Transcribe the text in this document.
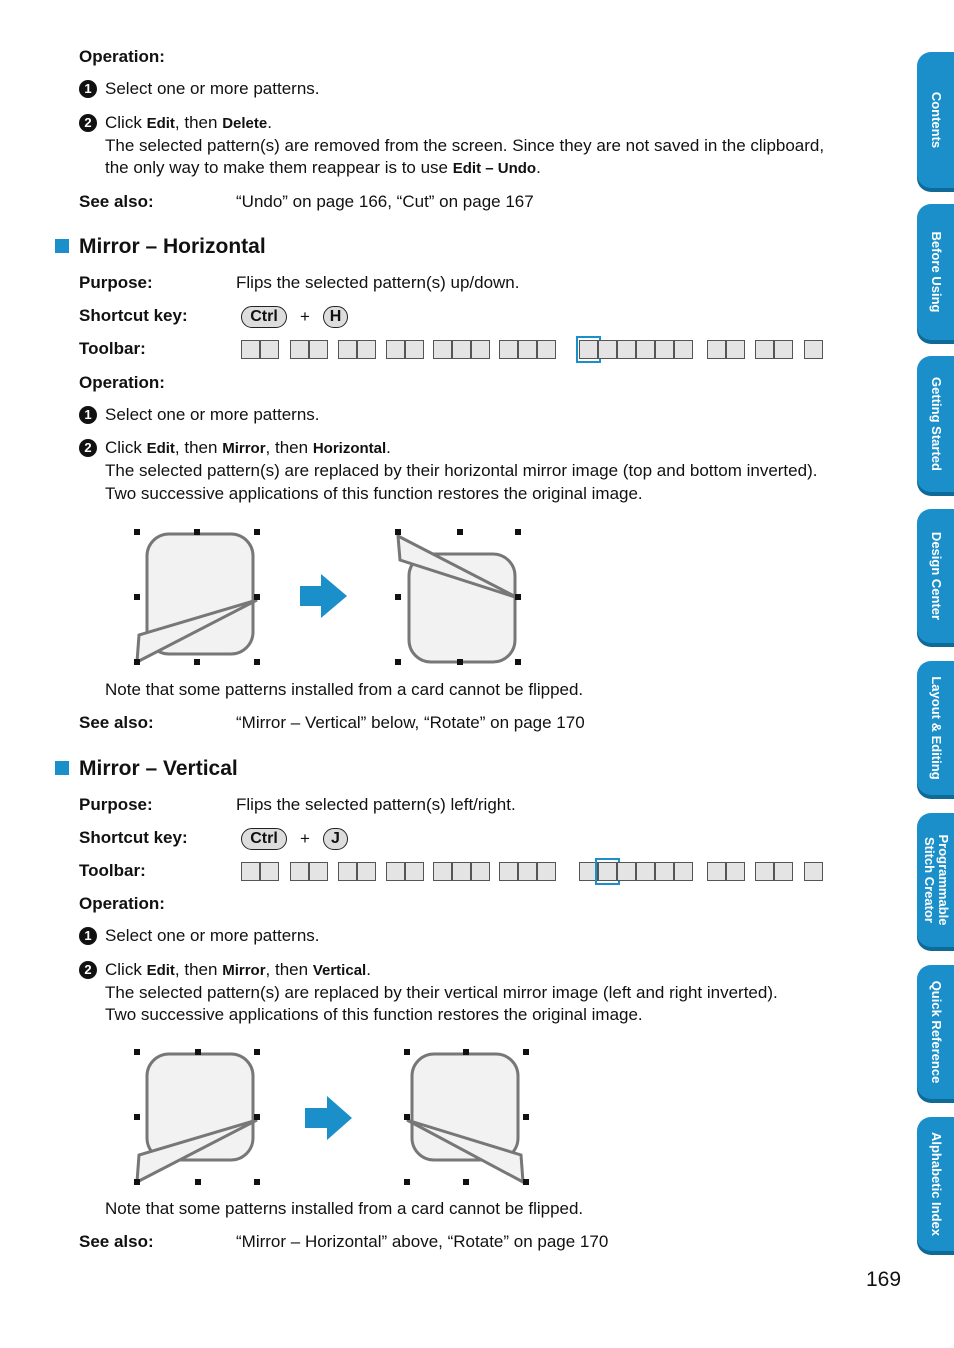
Contents
Before Using
Getting Started
Design Center
Layout & Editing
Programmable
Stitch Creator
Quick Reference
Alphabetic Index
Operation:
1 Select one or more patterns.
2 Click Edit, then Delete.
The selected pattern(s) are removed from the screen. Since they are not saved in the clipboard,
the only way to make them reappear is to use Edit – Undo.
See also:	“Undo” on page 166, “Cut” on page 167
Mirror – Horizontal
Purpose:	Flips the selected pattern(s) up/down.
Shortcut key:	Ctrl	+	H
Toolbar:
Operation:
1 Select one or more patterns.
2 Click Edit, then Mirror, then Horizontal.
The selected pattern(s) are replaced by their horizontal mirror image (top and bottom inverted).
Two successive applications of this function restores the original image.
Note that some patterns installed from a card cannot be flipped.
See also:	“Mirror – Vertical” below, “Rotate” on page 170
Mirror – Vertical
Purpose:	Flips the selected pattern(s) left/right.
Shortcut key:	Ctrl	+	J
Toolbar:
Operation:
1 Select one or more patterns.
2 Click Edit, then Mirror, then Vertical.
The selected pattern(s) are replaced by their vertical mirror image (left and right inverted).
Two successive applications of this function restores the original image.
Note that some patterns installed from a card cannot be flipped.
See also:	“Mirror – Horizontal” above, “Rotate” on page 170
169
